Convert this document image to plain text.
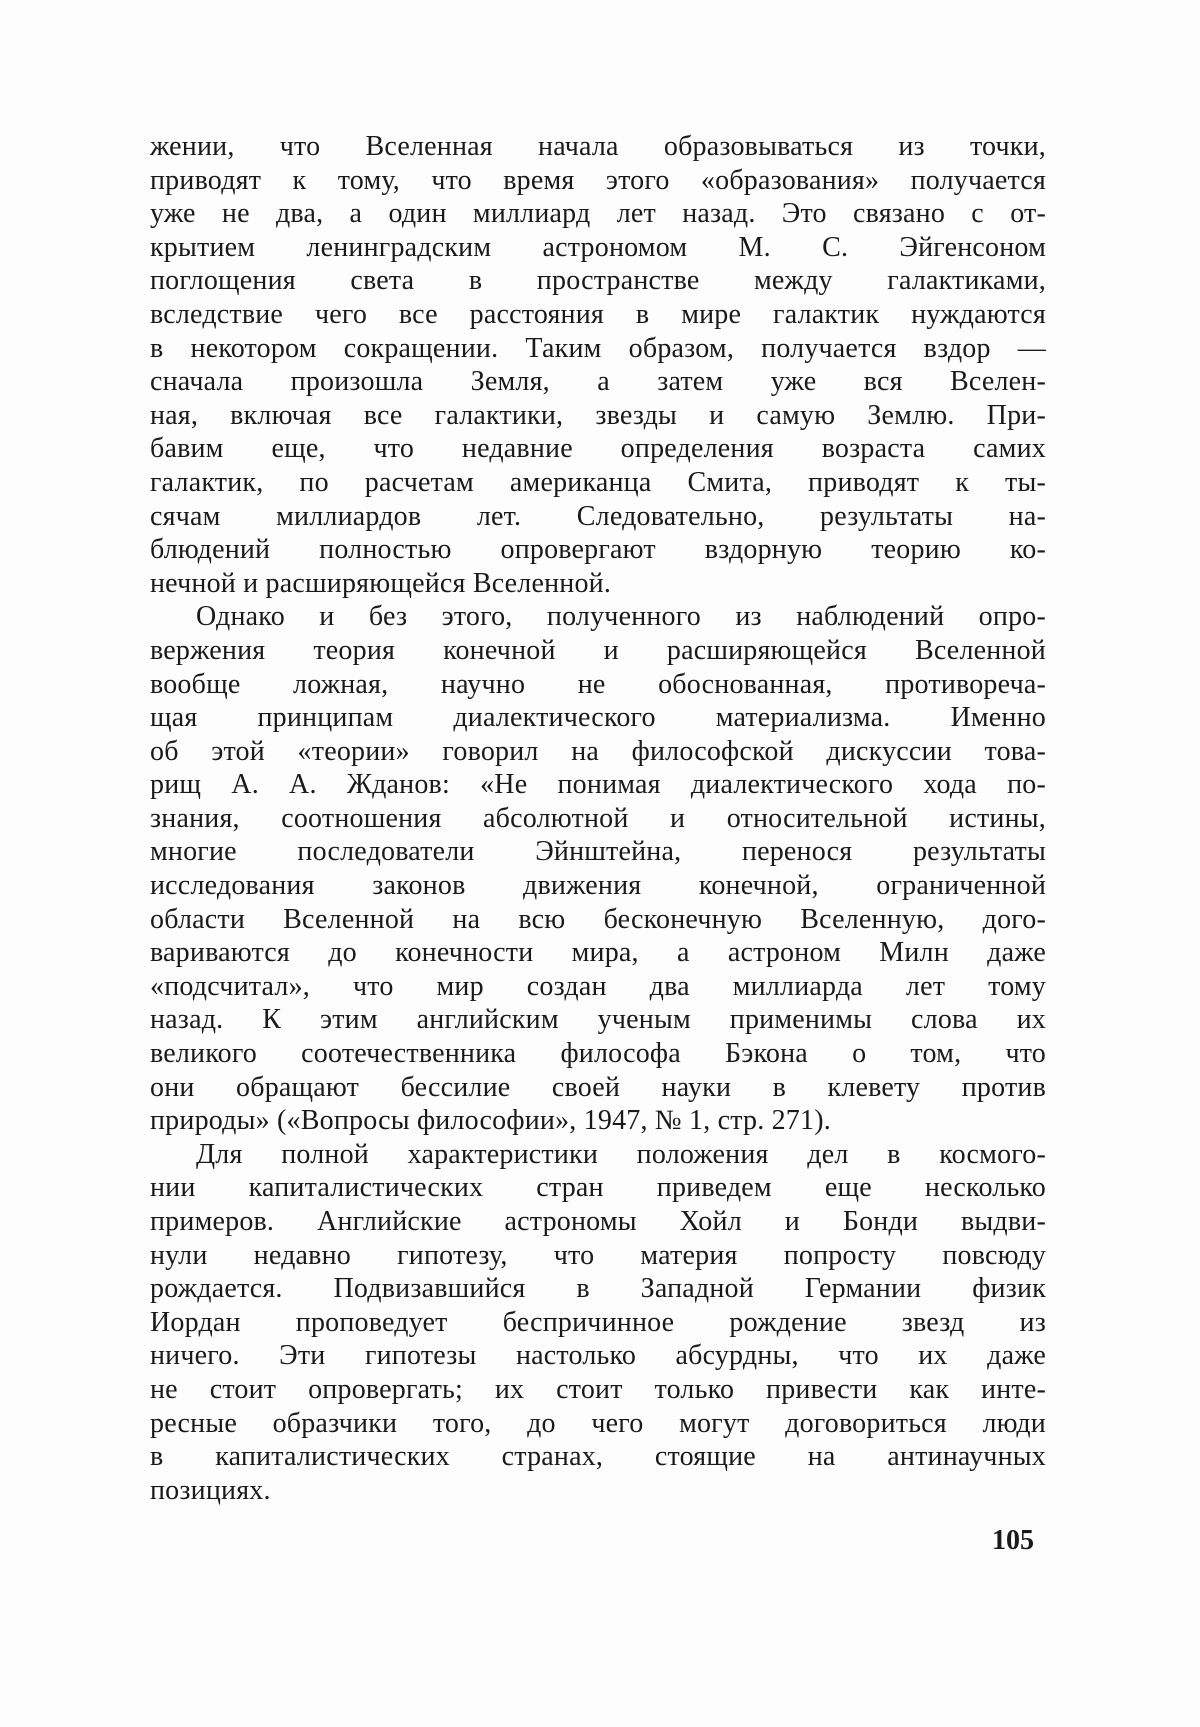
жении, что Вселенная начала образовываться из точки,
приводят к тому, что время этого «образования» получается
уже не два, а один миллиард лет назад. Это связано с от-
крытием ленинградским астрономом М. С. Эйгенсоном
поглощения света в пространстве между галактиками,
вследствие чего все расстояния в мире галактик нуждаются
в некотором сокращении. Таким образом, получается вздор —
сначала произошла Земля, а затем уже вся Вселен-
ная, включая все галактики, звезды и самую Землю. При-
бавим еще, что недавние определения возраста самих
галактик, по расчетам американца Смита, приводят к ты-
сячам миллиардов лет. Следовательно, результаты на-
блюдений полностью опровергают вздорную теорию ко-
нечной и расширяющейся Вселенной.
Однако и без этого, полученного из наблюдений опро-
вержения теория конечной и расширяющейся Вселенной
вообще ложная, научно не обоснованная, противореча-
щая принципам диалектического материализма. Именно
об этой «теории» говорил на философской дискуссии това-
рищ А. А. Жданов: «Не понимая диалектического хода по-
знания, соотношения абсолютной и относительной истины,
многие последователи Эйнштейна, перенося результаты
исследования законов движения конечной, ограниченной
области Вселенной на всю бесконечную Вселенную, дого-
вариваются до конечности мира, а астроном Милн даже
«подсчитал», что мир создан два миллиарда лет тому
назад. К этим английским ученым применимы слова их
великого соотечественника философа Бэкона о том, что
они обращают бессилие своей науки в клевету против
природы» («Вопросы философии», 1947, № 1, стр. 271).
Для полной характеристики положения дел в космого-
нии капиталистических стран приведем еще несколько
примеров. Английские астрономы Хойл и Бонди выдви-
нули недавно гипотезу, что материя попросту повсюду
рождается. Подвизавшийся в Западной Германии физик
Иордан проповедует беспричинное рождение звезд из
ничего. Эти гипотезы настолько абсурдны, что их даже
не стоит опровергать; их стоит только привести как инте-
ресные образчики того, до чего могут договориться люди
в капиталистических странах, стоящие на антинаучных
позициях.
105
